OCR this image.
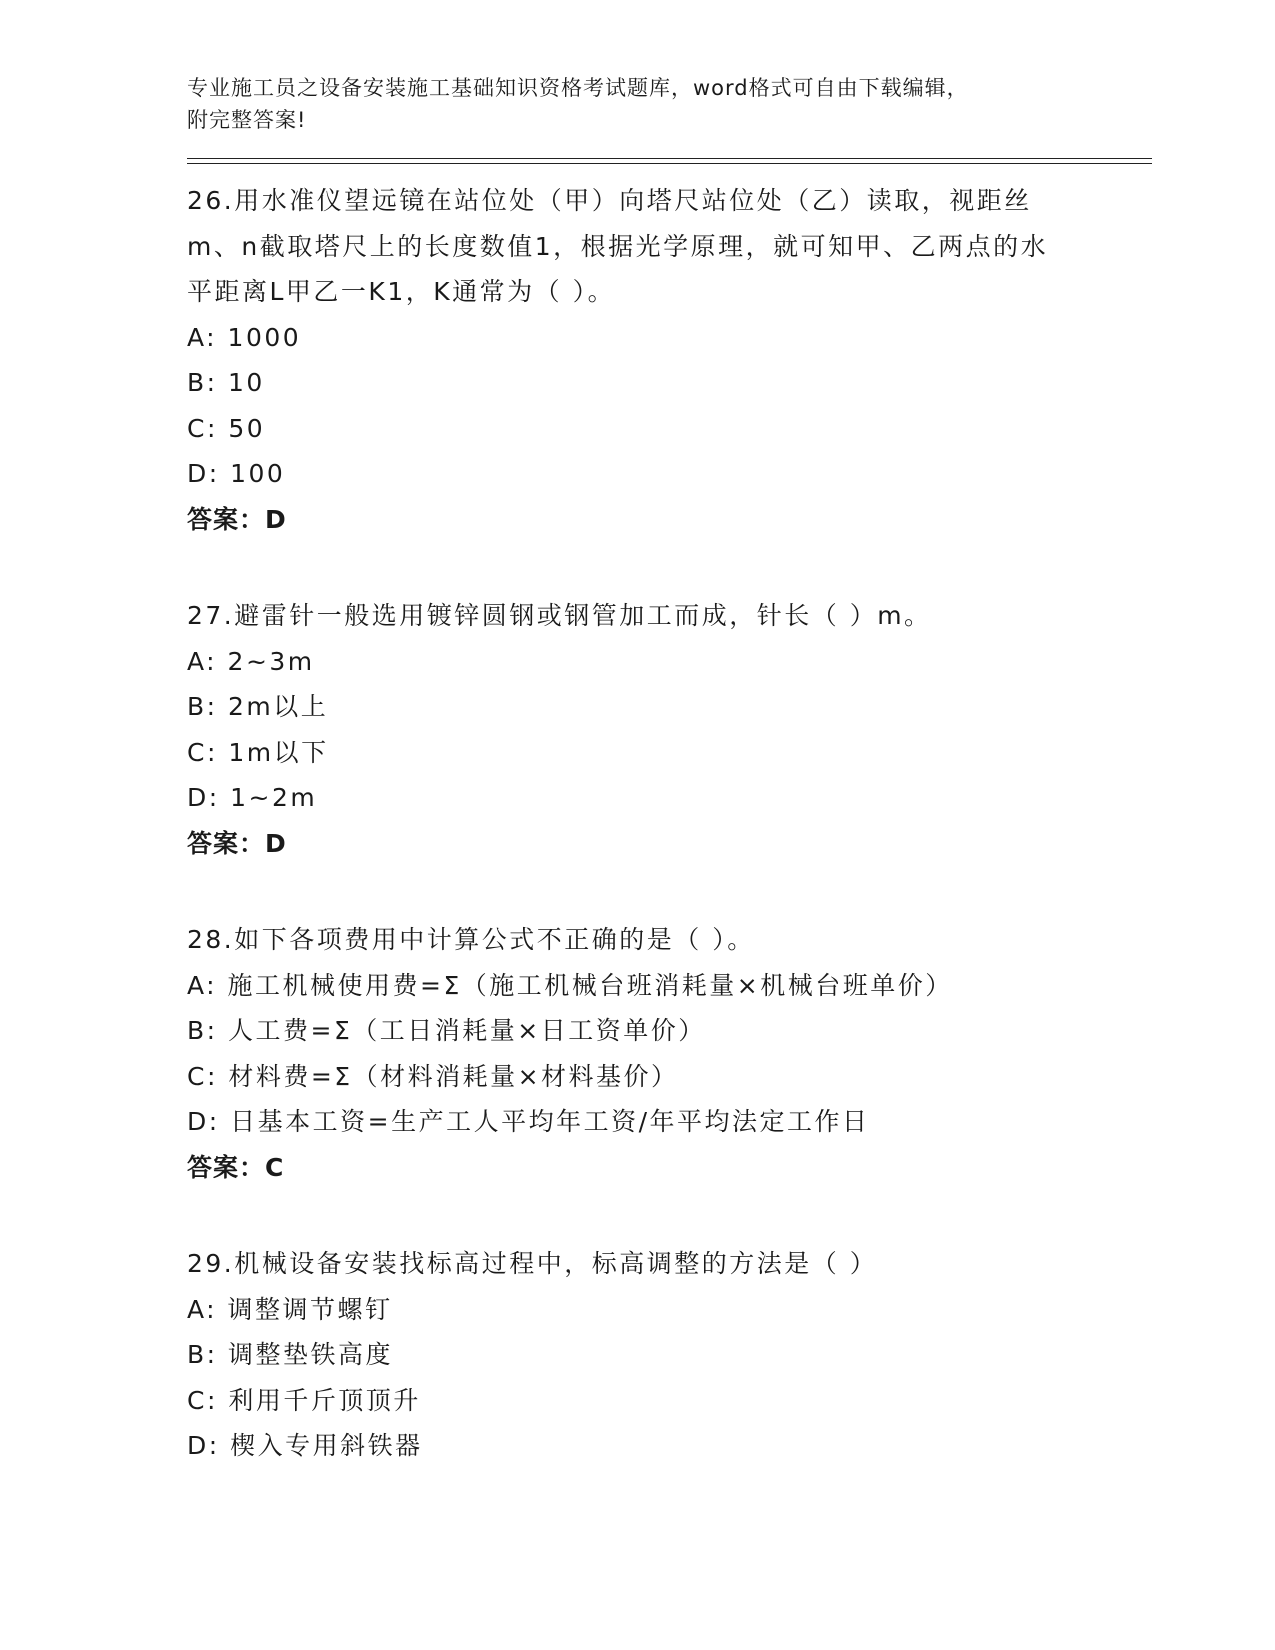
专业施工员之设备安装施工基础知识资格考试题库，word格式可自由下载编辑，
附完整答案!
26.用水准仪望远镜在站位处（甲）向塔尺站位处（乙）读取，视距丝m、n截取塔尺上的长度数值1，根据光学原理，就可知甲、乙两点的水平距离L甲乙一K1，K通常为（ ）。
A: 1000
B: 10
C: 50
D: 100
答案：D
27.避雷针一般选用镀锌圆钢或钢管加工而成，针长（ ）m。
A: 2~3m
B: 2m以上
C: 1m以下
D: 1~2m
答案：D
28.如下各项费用中计算公式不正确的是（ ）。
A: 施工机械使用费=Σ（施工机械台班消耗量×机械台班单价）
B: 人工费=Σ（工日消耗量×日工资单价）
C: 材料费=Σ（材料消耗量×材料基价）
D: 日基本工资=生产工人平均年工资/年平均法定工作日
答案：C
29.机械设备安装找标高过程中，标高调整的方法是（ ）
A: 调整调节螺钉
B: 调整垫铁高度
C: 利用千斤顶顶升
D: 楔入专用斜铁器
